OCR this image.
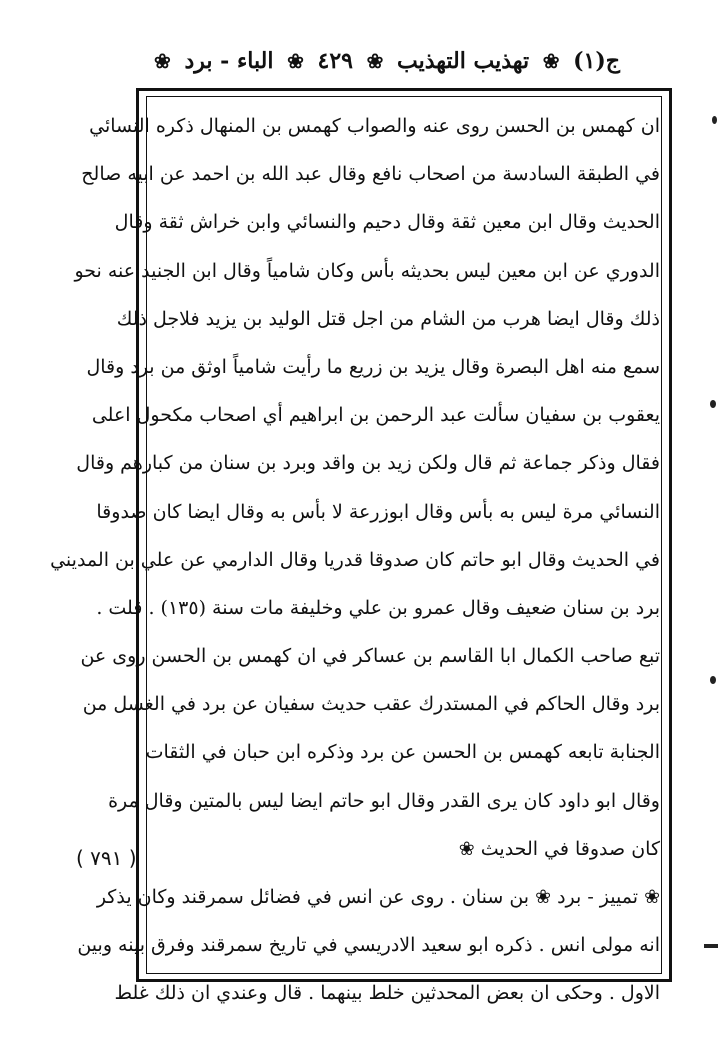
ج(١)
❀
تهذيب التهذيب
❀
٤٢٩
❀
الباء - برد
❀
ان كهمس بن الحسن روى عنه والصواب كهمس بن المنهال ذكره النسائي
في الطبقة السادسة من اصحاب نافع وقال عبد الله بن احمد عن ابيه صالح
الحديث وقال ابن معين ثقة وقال دحيم والنسائي وابن خراش ثقة وقال
الدوري عن ابن معين ليس بحديثه بأس وكان شامياً وقال ابن الجنيد عنه نحو
ذلك وقال ايضا هرب من الشام من اجل قتل الوليد بن يزيد فلاجل ذلك
سمع منه اهل البصرة وقال يزيد بن زريع ما رأيت شامياً اوثق من برد وقال
يعقوب بن سفيان سألت عبد الرحمن بن ابراهيم أي اصحاب مكحول اعلى
فقال وذكر جماعة ثم قال ولكن زيد بن واقد وبرد بن سنان من كبارهم وقال
النسائي مرة ليس به بأس وقال ابوزرعة لا بأس به وقال ايضا كان صدوقا
في الحديث وقال ابو حاتم كان صدوقا قدريا وقال الدارمي عن علي بن المديني
برد بن سنان ضعيف وقال عمرو بن علي وخليفة مات سنة (١٣٥) . قلت .
تبع صاحب الكمال ابا القاسم بن عساكر في ان كهمس بن الحسن روى عن
برد وقال الحاكم في المستدرك عقب حديث سفيان عن برد في الغسل من
الجنابة تابعه كهمس بن الحسن عن برد وذكره ابن حبان في الثقات
وقال ابو داود كان يرى القدر وقال ابو حاتم ايضا ليس بالمتين وقال مرة
كان صدوقا في الحديث ❀
❀ تمييز - برد ❀ بن سنان . روى عن انس في فضائل سمرقند وكان يذكر
انه مولى انس . ذكره ابو سعيد الادريسي في تاريخ سمرقند وفرق بينه وبين
الاول . وحكى ان بعض المحدثين خلط بينهما . قال وعندي ان ذلك غلط
( ٧٩١ )
